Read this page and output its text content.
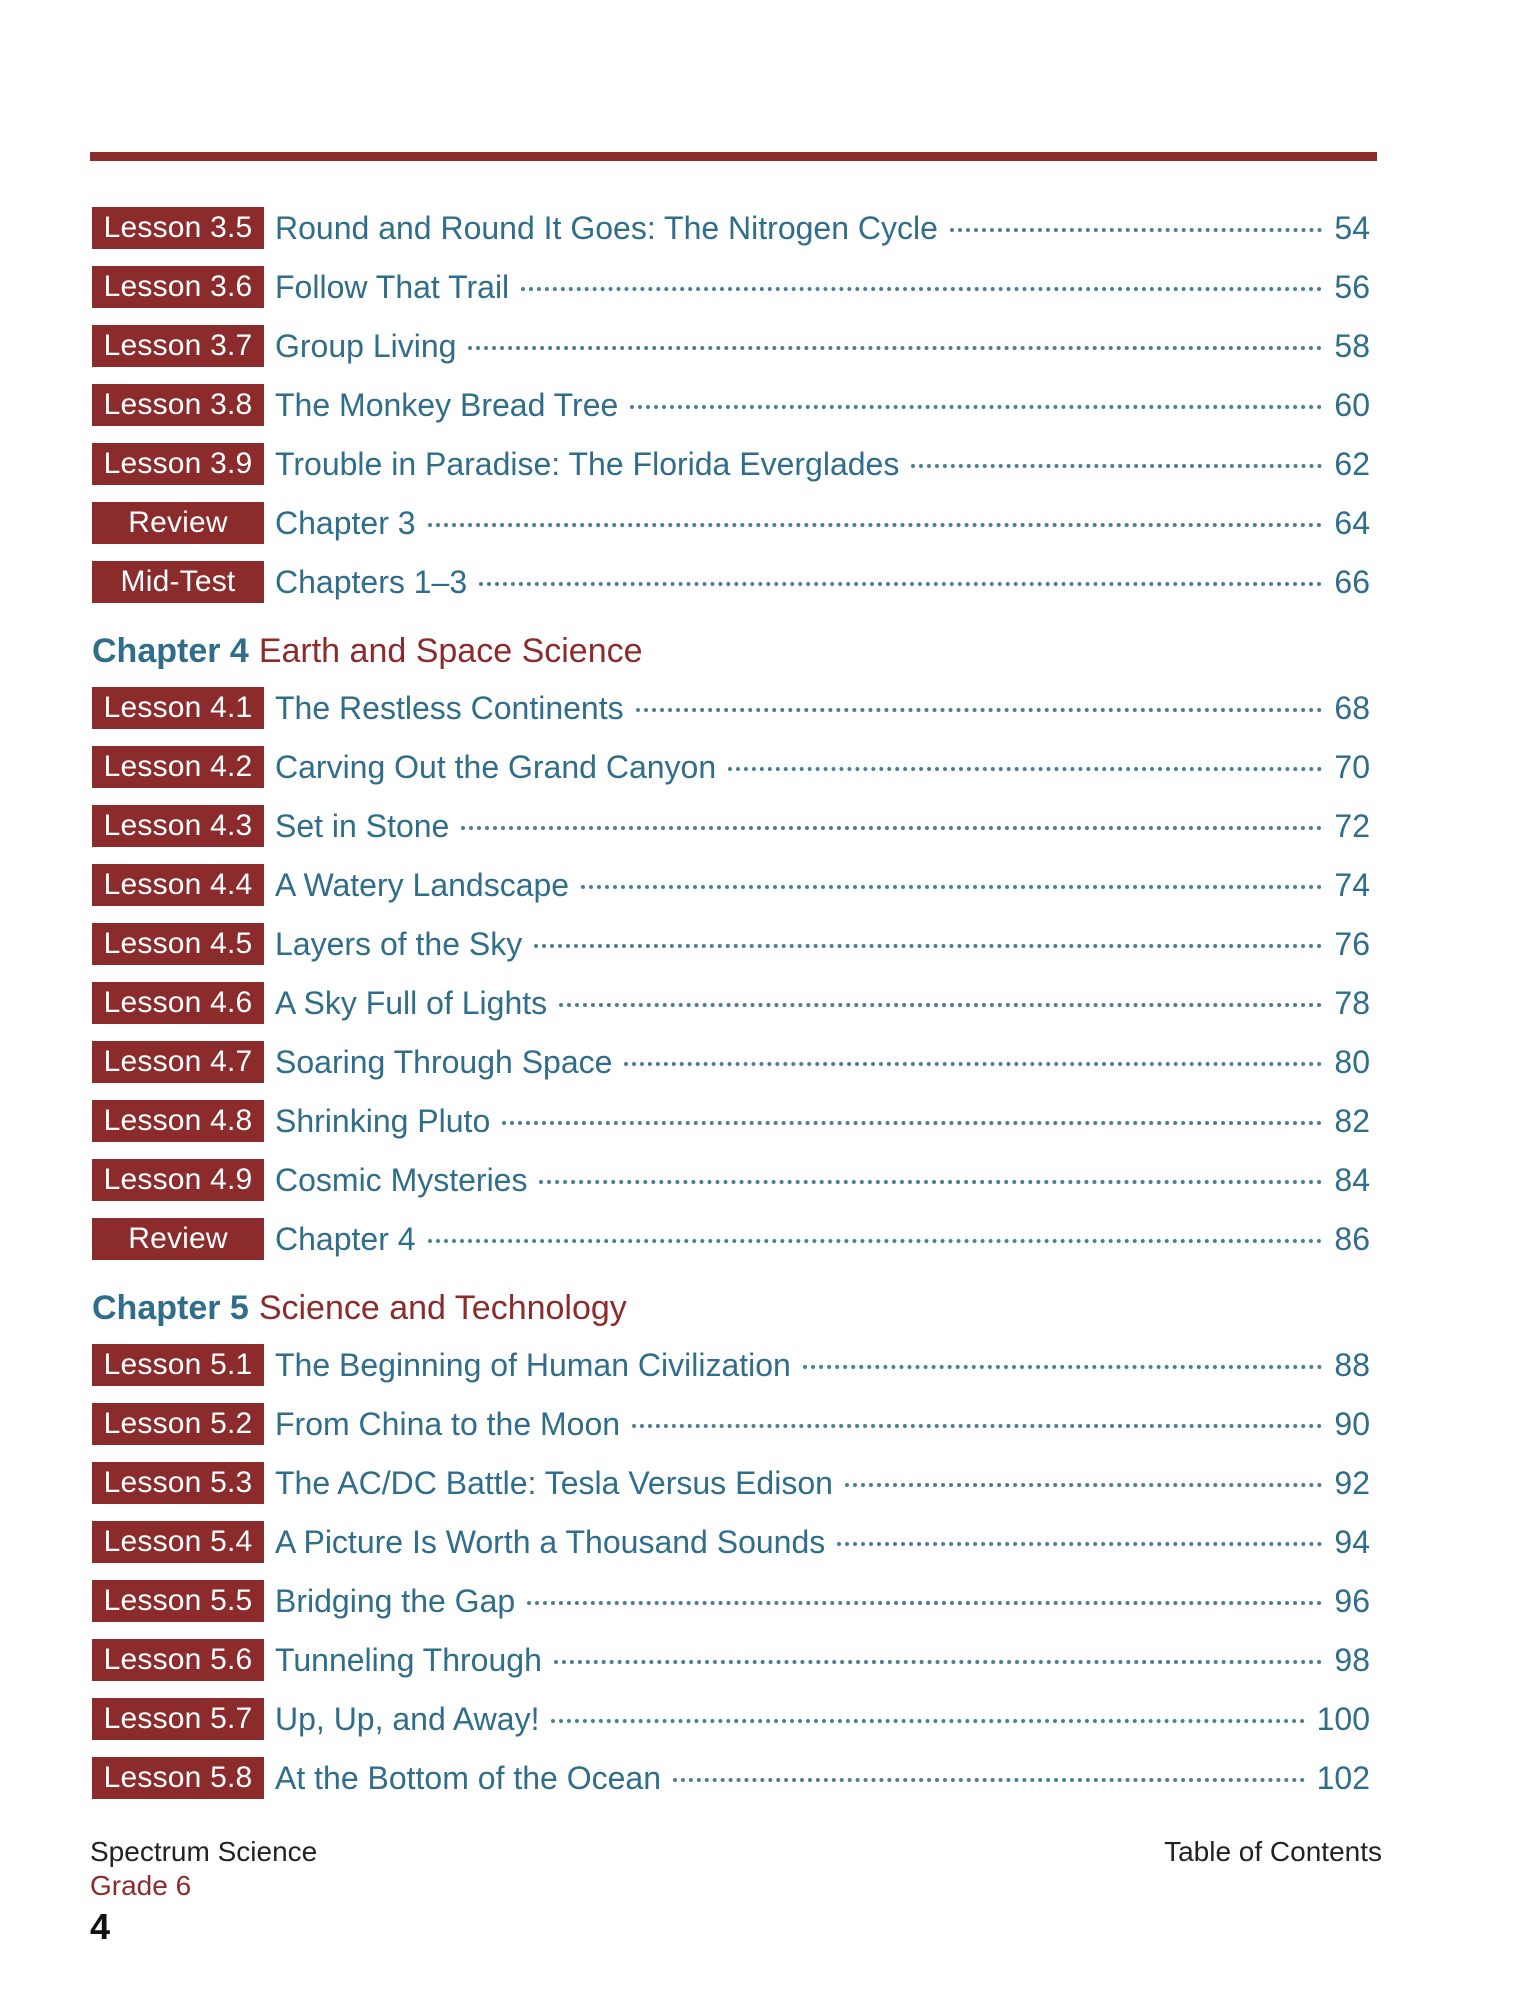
Lesson 3.5 Round and Round It Goes: The Nitrogen Cycle	54
Lesson 3.6 Follow That Trail	56
Lesson 3.7 Group Living	58
Lesson 3.8 The Monkey Bread Tree	60
Lesson 3.9 Trouble in Paradise: The Florida Everglades	62
Review	Chapter 3	64
Mid-Test	Chapters 1–3	66
Chapter 4 Earth and Space Science
Lesson 4.1 The Restless Continents	68
Lesson 4.2 Carving Out the Grand Canyon	70
Lesson 4.3 Set in Stone	72
Lesson 4.4 A Watery Landscape	74
Lesson 4.5 Layers of the Sky	76
Lesson 4.6 A Sky Full of Lights	78
Lesson 4.7 Soaring Through Space	80
Lesson 4.8 Shrinking Pluto	82
Lesson 4.9 Cosmic Mysteries	84
Review	Chapter 4	86
Chapter 5 Science and Technology
Lesson 5.1 The Beginning of Human Civilization	88
Lesson 5.2 From China to the Moon	90
Lesson 5.3 The AC/DC Battle: Tesla Versus Edison	92
Lesson 5.4 A Picture Is Worth a Thousand Sounds	94
Lesson 5.5 Bridging the Gap	96
Lesson 5.6 Tunneling Through	98
Lesson 5.7 Up, Up, and Away!	100
Lesson 5.8 At the Bottom of the Ocean	102
Spectrum Science
Grade 6
4
Table of Contents
